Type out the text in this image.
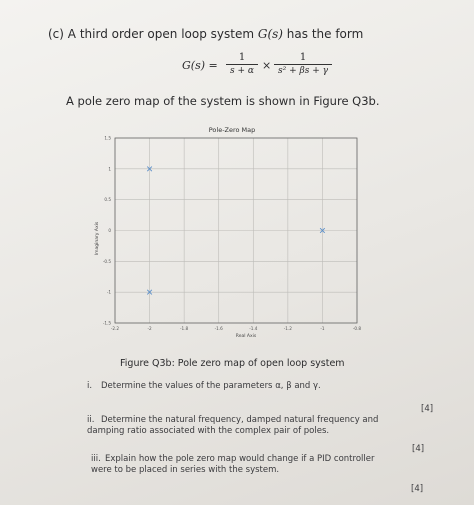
(c) A third order open loop system G(s) has the form
G(s) =
1
s + α ×
1
s² + βs + γ
A pole zero map of the system is shown in Figure Q3b.
Pole-Zero Map
-2.2	-2	-1.8	-1.6	-1.4	-1.2	-1	-0.8
1.5
1
0.5
0
-0.5
-1
-1.5
Real Axis
Imaginary Axis
Figure Q3b: Pole zero map of open loop system
i. Determine the values of the parameters α, β and γ.
[4]
ii. Determine the natural frequency, damped natural frequency and damping ratio associated with the complex pair of poles.
[4]
iii. Explain how the pole zero map would change if a PID controller were to be placed in series with the system.
[4]
